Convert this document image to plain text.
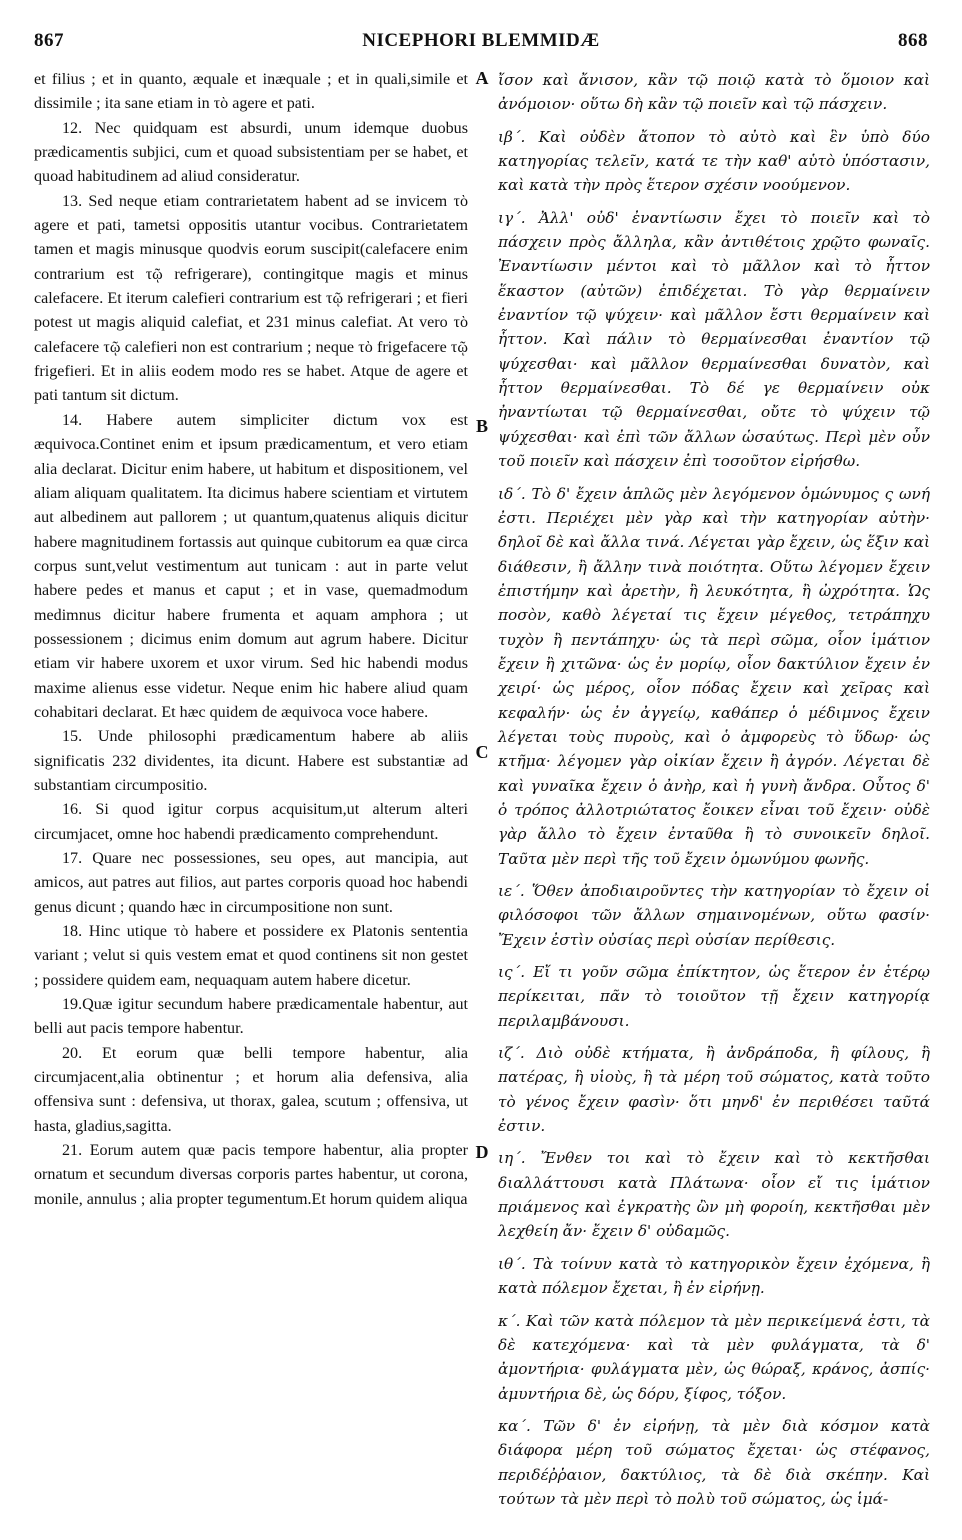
867	NICEPHORI BLEMMIDÆ	868

et filius ; et in quanto, æquale et inæquale ; et in quali,simile et dissimile ; ita sane etiam in τὸ agere et pati.

12. Nec quidquam est absurdi, unum idemque duobus prædicamentis subjici, cum et quoad subsistentiam per se habet, et quoad habitudinem ad aliud consideratur.

13. Sed neque etiam contrarietatem habent ad se invicem τὸ agere et pati, tametsi oppositis utantur vocibus. Contrarietatem tamen et magis minusque quodvis eorum suscipit(calefacere enim contrarium est τῷ refrigerare), contingitque magis et minus calefacere. Et iterum calefieri contrarium est τῷ refrigerari ; et fieri potest ut magis aliquid calefiat, et 231 minus calefiat. At vero τὸ calefacere τῷ calefieri non est contrarium ; neque τὸ frigefacere τῷ frigefieri. Et in aliis eodem modo res se habet. Atque de agere et pati tantum sit dictum.

14. Habere autem simpliciter dictum vox est æquivoca.Continet enim et ipsum prædicamentum, et vero etiam alia declarat. Dicitur enim habere, ut habitum et dispositionem, vel aliam aliquam qualitatem. Ita dicimus habere scientiam et virtutem aut albedinem aut pallorem ; ut quantum,quatenus aliquis dicitur habere magnitudinem fortassis aut quinque cubitorum ea quæ circa corpus sunt,velut vestimentum aut tunicam : aut in parte velut habere pedes et manus et caput ; et in vase, quemadmodum medimnus dicitur habere frumenta et aquam amphora ; ut possessionem ; dicimus enim domum aut agrum habere. Dicitur etiam vir habere uxorem et uxor virum. Sed hic habendi modus maxime alienus esse videtur. Neque enim hic habere aliud quam cohabitari declarat. Et hæc quidem de æquivoca voce habere.

15. Unde philosophi prædicamentum habere ab aliis significatis 232 dividentes, ita dicunt. Habere est substantiæ ad substantiam circumpositio.

16. Si quod igitur corpus acquisitum,ut alterum alteri circumjacet, omne hoc habendi prædicamento comprehendunt.

17. Quare nec possessiones, seu opes, aut mancipia, aut amicos, aut patres aut filios, aut partes corporis quoad hoc habendi genus dicunt ; quando hæc in circumpositione non sunt.

18. Hinc utique τὸ habere et possidere ex Platonis sententia variant ; velut si quis vestem emat et quod continens sit non gestet ; possidere quidem eam, nequaquam autem habere dicetur.

19.Quæ igitur secundum habere prædicamentale habentur, aut belli aut pacis tempore habentur.

20. Et eorum quæ belli tempore habentur, alia circumjacent,alia obtinentur ; et horum alia defensiva, alia offensiva sunt : defensiva, ut thorax, galea, scutum ; offensiva, ut hasta, gladius,sagitta.

21. Eorum autem quæ pacis tempore habentur, alia propter ornatum et secundum diversas corporis partes habentur, ut corona, monile, annulus ; alia propter tegumentum.Et horum quidem aliqua

A
B
C
D

ἴσον καὶ ἄνισον, κἂν τῷ ποιῷ κατὰ τὸ ὅμοιον καὶ ἀνόμοιον· οὕτω δὴ κἂν τῷ ποιεῖν καὶ τῷ πάσχειν.

ιβ΄. Καὶ οὐδὲν ἄτοπον τὸ αὐτὸ καὶ ἓν ὑπὸ δύο κατηγορίας τελεῖν, κατά τε τὴν καθ' αὑτὸ ὑπόστασιν, καὶ κατὰ τὴν πρὸς ἕτερον σχέσιν νοούμενον.

ιγ΄. Ἀλλ' οὐδ' ἐναντίωσιν ἔχει τὸ ποιεῖν καὶ τὸ πάσχειν πρὸς ἄλληλα, κἂν ἀντιθέτοις χρῷτο φωναῖς. Ἐναντίωσιν μέντοι καὶ τὸ μᾶλλον καὶ τὸ ἧττον ἕκαστον (αὐτῶν) ἐπιδέχεται. Τὸ γὰρ θερμαίνειν ἐναντίον τῷ ψύχειν· καὶ μᾶλλον ἔστι θερμαίνειν καὶ ἧττον. Καὶ πάλιν τὸ θερμαίνεσθαι ἐναντίον τῷ ψύχεσθαι· καὶ μᾶλλον θερμαίνεσθαι δυνατὸν, καὶ ἧττον θερμαίνεσθαι. Τὸ δέ γε θερμαίνειν οὐκ ἠναντίωται τῷ θερμαίνεσθαι, οὔτε τὸ ψύχειν τῷ ψύχεσθαι· καὶ ἐπὶ τῶν ἄλλων ὡσαύτως. Περὶ μὲν οὖν τοῦ ποιεῖν καὶ πάσχειν ἐπὶ τοσοῦτον εἰρήσθω.

ιδ΄. Τὸ δ' ἔχειν ἁπλῶς μὲν λεγόμενον ὁμώνυμος ς ωνή ἐστι. Περιέχει μὲν γὰρ καὶ τὴν κατηγορίαν αὐτὴν· δηλοῖ δὲ καὶ ἄλλα τινά. Λέγεται γὰρ ἔχειν, ὡς ἕξιν καὶ διάθεσιν, ἢ ἄλλην τινὰ ποιότητα. Οὕτω λέγομεν ἔχειν ἐπιστήμην καὶ ἀρετὴν, ἢ λευκότητα, ἢ ὠχρότητα. Ὡς ποσὸν, καθὸ λέγεταί τις ἔχειν μέγεθος, τετράπηχυ τυχὸν ἢ πεντάπηχυ· ὡς τὰ περὶ σῶμα, οἷον ἱμάτιον ἔχειν ἢ χιτῶνα· ὡς ἐν μορίῳ, οἷον δακτύλιον ἔχειν ἐν χειρί· ὡς μέρος, οἷον πόδας ἔχειν καὶ χεῖρας καὶ κεφαλήν· ὡς ἐν ἀγγείῳ, καθάπερ ὁ μέδιμνος ἔχειν λέγεται τοὺς πυροὺς, καὶ ὁ ἀμφορεὺς τὸ ὕδωρ· ὡς κτῆμα· λέγομεν γὰρ οἰκίαν ἔχειν ἢ ἀγρόν. Λέγεται δὲ καὶ γυναῖκα ἔχειν ὁ ἀνὴρ, καὶ ἡ γυνὴ ἄνδρα. Οὗτος δ' ὁ τρόπος ἀλλοτριώτατος ἔοικεν εἶναι τοῦ ἔχειν· οὐδὲ γὰρ ἄλλο τὸ ἔχειν ἐνταῦθα ἢ τὸ συνοικεῖν δηλοῖ. Ταῦτα μὲν περὶ τῆς τοῦ ἔχειν ὁμωνύμου φωνῆς.

ιε΄. Ὅθεν ἀποδιαιροῦντες τὴν κατηγορίαν τὸ ἔχειν οἱ φιλόσοφοι τῶν ἄλλων σημαινομένων, οὕτω φασίν· Ἔχειν ἐστὶν οὐσίας περὶ οὐσίαν περίθεσις.

ις΄. Εἴ τι γοῦν σῶμα ἐπίκτητον, ὡς ἕτερον ἐν ἑτέρῳ περίκειται, πᾶν τὸ τοιοῦτον τῇ ἔχειν κατηγορίᾳ περιλαμβάνουσι.

ιζ΄. Διὸ οὐδὲ κτήματα, ἢ ἀνδράποδα, ἢ φίλους, ἢ πατέρας, ἢ υἱοὺς, ἢ τὰ μέρη τοῦ σώματος, κατὰ τοῦτο τὸ γένος ἔχειν φασὶν· ὅτι μηνδ' ἐν περιθέσει ταῦτά ἐστιν.

ιη΄. Ἔνθεν τοι καὶ τὸ ἔχειν καὶ τὸ κεκτῆσθαι διαλλάττουσι κατὰ Πλάτωνα· οἷον εἴ τις ἱμάτιον πριάμενος καὶ ἐγκρατὴς ὢν μὴ φοροίη, κεκτῆσθαι μὲν λεχθείη ἄν· ἔχειν δ' οὐδαμῶς.

ιθ΄. Τὰ τοίνυν κατὰ τὸ κατηγορικὸν ἔχειν ἐχόμενα, ἢ κατὰ πόλεμον ἔχεται, ἢ ἐν εἰρήνῃ.

κ΄. Καὶ τῶν κατὰ πόλεμον τὰ μὲν περικείμενά ἐστι, τὰ δὲ κατεχόμενα· καὶ τὰ μὲν φυλάγματα, τὰ δ' ἀμοντήρια· φυλάγματα μὲν, ὡς θώραξ, κράνος, ἀσπίς· ἀμυντήρια δὲ, ὡς δόρυ, ξίφος, τόξον.

κα΄. Τῶν δ' ἐν εἰρήνῃ, τὰ μὲν διὰ κόσμον κατὰ διάφορα μέρη τοῦ σώματος ἔχεται· ὡς στέφανος, περιδέῤῥαιον, δακτύλιος, τὰ δὲ διὰ σκέπην. Καὶ τούτων τὰ μὲν περὶ τὸ πολὺ τοῦ σώματος, ὡς ἱμά-
